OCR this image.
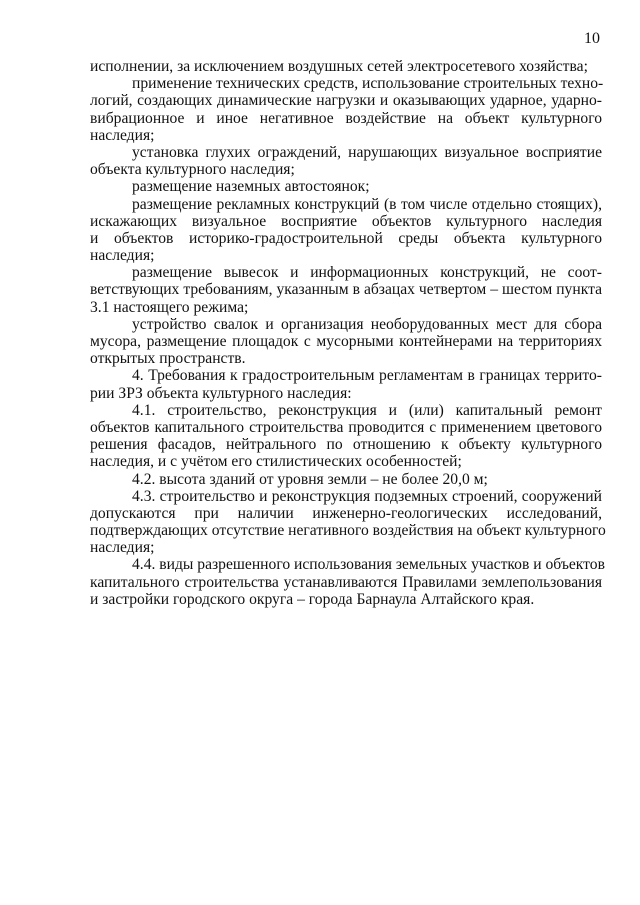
10
исполнении, за исключением воздушных сетей электросетевого хозяйства;
применение технических средств, использование строительных техно-
логий, создающих динамические нагрузки и оказывающих ударное, ударно-
вибрационное и иное негативное воздействие на объект культурного
наследия;
установка глухих ограждений, нарушающих визуальное восприятие
объекта культурного наследия;
размещение наземных автостоянок;
размещение рекламных конструкций (в том числе отдельно стоящих),
искажающих визуальное восприятие объектов культурного наследия
и объектов историко-градостроительной среды объекта культурного
наследия;
размещение вывесок и информационных конструкций, не соот-
ветствующих требованиям, указанным в абзацах четвертом – шестом пункта
3.1 настоящего режима;
устройство свалок и организация необорудованных мест для сбора
мусора, размещение площадок с мусорными контейнерами на территориях
открытых пространств.
4. Требования к градостроительным регламентам в границах террито-
рии ЗРЗ объекта культурного наследия:
4.1. строительство, реконструкция и (или) капитальный ремонт
объектов капитального строительства проводится с применением цветового
решения фасадов, нейтрального по отношению к объекту культурного
наследия, и с учётом его стилистических особенностей;
4.2. высота зданий от уровня земли – не более 20,0 м;
4.3. строительство и реконструкция подземных строений, сооружений
допускаются при наличии инженерно-геологических исследований,
подтверждающих отсутствие негативного воздействия на объект культурного
наследия;
4.4. виды разрешенного использования земельных участков и объектов
капитального строительства устанавливаются Правилами землепользования
и застройки городского округа – города Барнаула Алтайского края.
